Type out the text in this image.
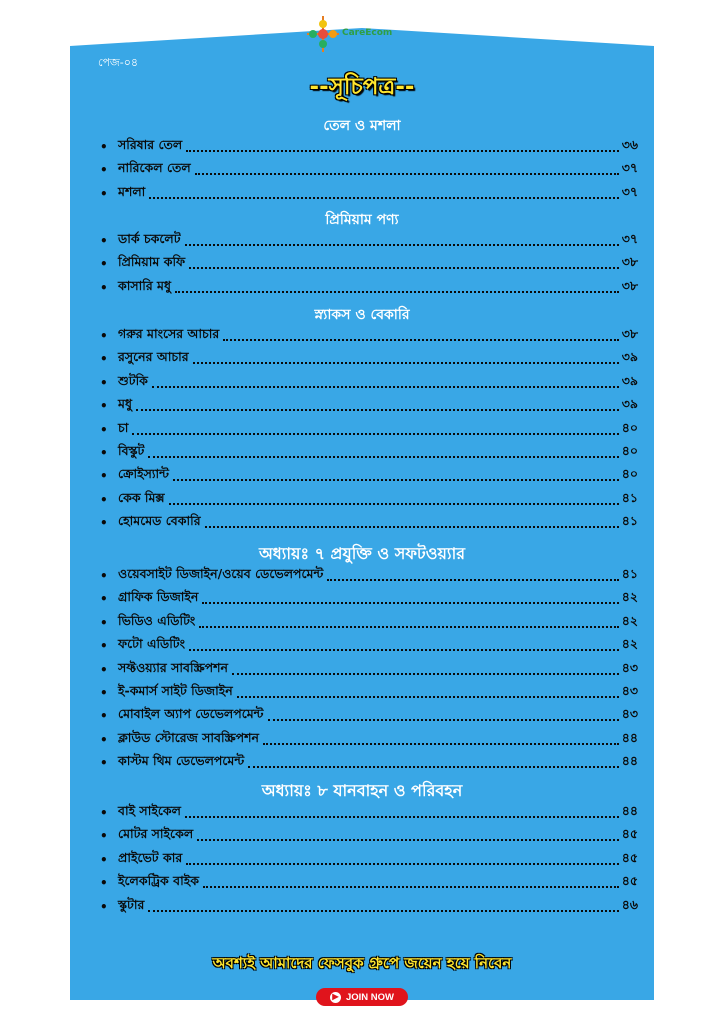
CareEcom
পেজ-০৪
--সূচিপত্র--
তেল ও মশলা
• সরিষার তেল	৩৬
• নারিকেল তেল	৩৭
• মশলা	৩৭
প্রিমিয়াম পণ্য
• ডার্ক চকলেট	৩৭
• প্রিমিয়াম কফি	৩৮
• কাসারি মধু	৩৮
স্ন্যাকস ও বেকারি
• গরুর মাংসের আচার	৩৮
• রসুনের আচার	৩৯
• শুটকি	৩৯
• মধু	৩৯
• চা	৪০
• বিস্কুট	৪০
• ক্রোইস্যান্ট	৪০
• কেক মিক্স	৪১
• হোমমেড বেকারি	৪১
অধ্যায়ঃ ৭ প্রযুক্তি ও সফটওয়্যার
• ওয়েবসাইট ডিজাইন/ওয়েব ডেভেলপমেন্ট	৪১
• গ্রাফিক ডিজাইন	৪২
• ভিডিও এডিটিং	৪২
• ফটো এডিটিং	৪২
• সফ্টওয়্যার সাবস্ক্রিপশন	৪৩
• ই-কমার্স সাইট ডিজাইন	৪৩
• মোবাইল অ্যাপ ডেভেলপমেন্ট	৪৩
• ক্লাউড স্টোরেজ সাবস্ক্রিপশন	৪৪
• কাস্টম থিম ডেভেলপমেন্ট	৪৪
অধ্যায়ঃ ৮ যানবাহন ও পরিবহন
• বাই সাইকেল	৪৪
• মোটর সাইকেল	৪৫
• প্রাইভেট কার	৪৫
• ইলেকট্রিক বাইক	৪৫
• স্কুটার	৪৬
অবশ্যই আমাদের ফেসবুক গ্রুপে জয়েন হয়ে নিবেন
▶ JOIN NOW
